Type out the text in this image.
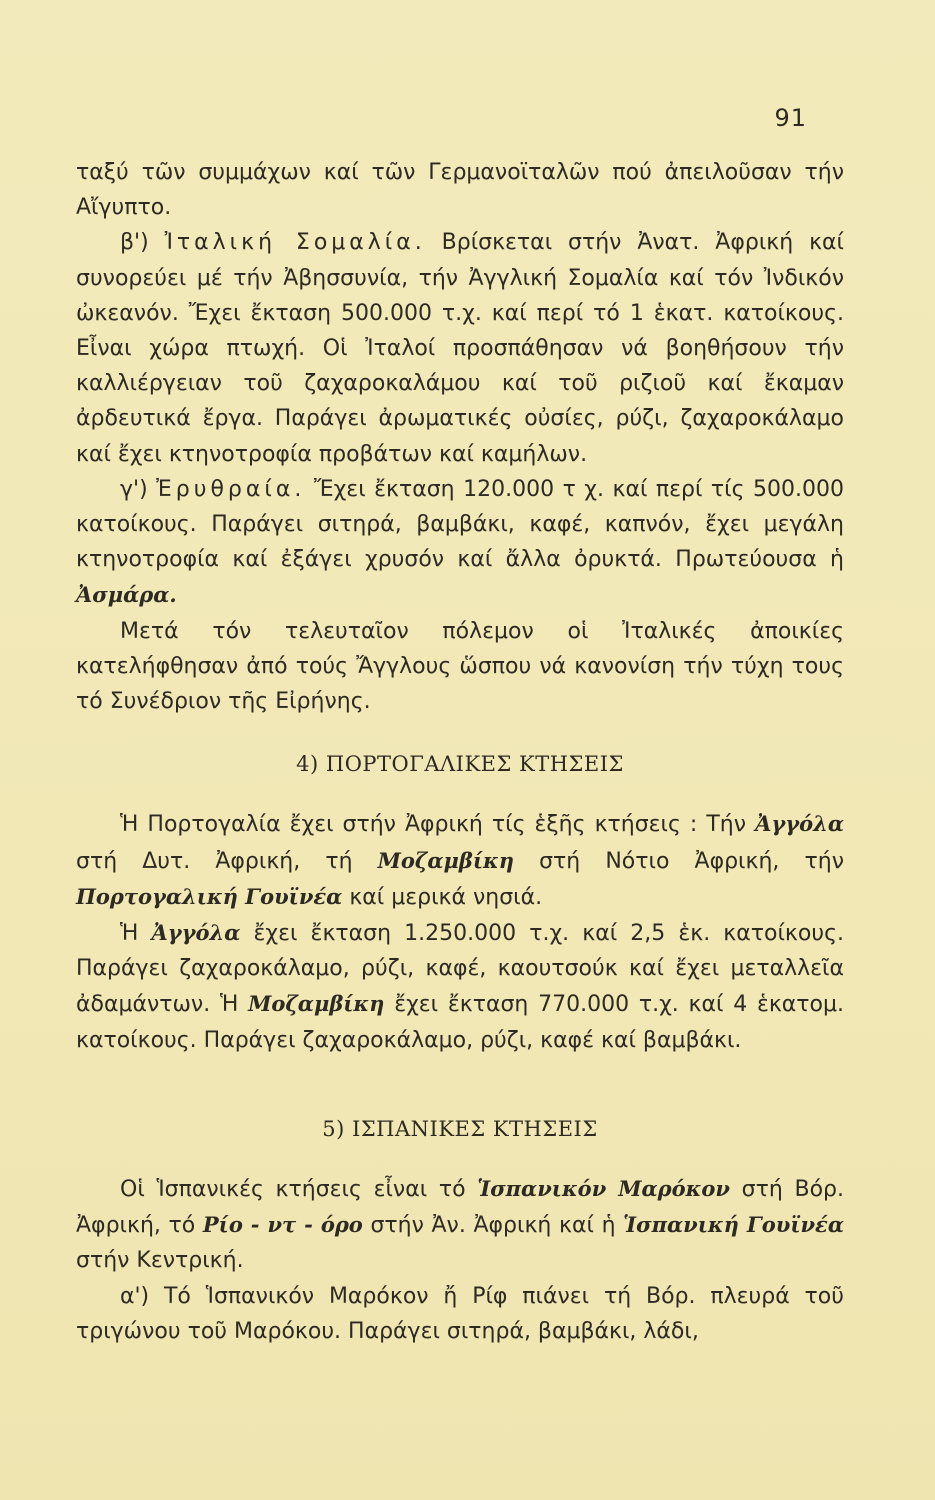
91

ταξύ τῶν συμμάχων καί τῶν Γερμανοϊταλῶν πού ἀπειλοῦσαν τήν Αἴγυπτο.

β') Ἰταλική Σομαλία. Βρίσκεται στήν Ἀνατ. Ἀφρική καί συνορεύει μέ τήν Ἀβησσυνία, τήν Ἀγγλική Σομαλία καί τόν Ἰνδικόν ὠκεανόν. Ἔχει ἔκταση 500.000 τ.χ. καί περί τό 1 ἑκατ. κατοίκους. Εἶναι χώρα πτωχή. Οἱ Ἰταλοί προσπάθησαν νά βοηθήσουν τήν καλλιέργειαν τοῦ ζαχαροκαλάμου καί τοῦ ριζιοῦ καί ἔκαμαν ἀρδευτικά ἔργα. Παράγει ἀρωματικές οὐσίες, ρύζι, ζαχαροκάλαμο καί ἔχει κτηνοτροφία προβάτων καί καμήλων.

γ') Ἐρυθραία. Ἔχει ἔκταση 120.000 τ χ. καί περί τίς 500.000 κατοίκους. Παράγει σιτηρά, βαμβάκι, καφέ, καπνόν, ἔχει μεγάλη κτηνοτροφία καί ἐξάγει χρυσόν καί ἄλλα ὀρυκτά. Πρωτεύουσα ἡ Ἀσμάρα.

Μετά τόν τελευταῖον πόλεμον οἱ Ἰταλικές ἀποικίες κατελήφθησαν ἀπό τούς Ἄγγλους ὥσπου νά κανονίση τήν τύχη τους τό Συνέδριον τῆς Εἰρήνης.

4) ΠΟΡΤΟΓΑΛΙΚΕΣ ΚΤΗΣΕΙΣ

Ἡ Πορτογαλία ἔχει στήν Ἀφρική τίς ἑξῆς κτήσεις : Τήν Ἀγγόλα στή Δυτ. Ἀφρική, τή Μοζαμβίκη στή Νότιο Ἀφρική, τήν Πορτογαλική Γουϊνέα καί μερικά νησιά.

Ἡ Ἀγγόλα ἔχει ἔκταση 1.250.000 τ.χ. καί 2,5 ἑκ. κατοίκους. Παράγει ζαχαροκάλαμο, ρύζι, καφέ, καουτσούκ καί ἔχει μεταλλεῖα ἀδαμάντων. Ἡ Μοζαμβίκη ἔχει ἔκταση 770.000 τ.χ. καί 4 ἑκατομ. κατοίκους. Παράγει ζαχαροκάλαμο, ρύζι, καφέ καί βαμβάκι.

5) ΙΣΠΑΝΙΚΕΣ ΚΤΗΣΕΙΣ

Οἱ Ἱσπανικές κτήσεις εἶναι τό Ἱσπανικόν Μαρόκον στή Βόρ. Ἀφρική, τό Ρίο - ντ - όρο στήν Ἀν. Ἀφρική καί ἡ Ἱσπανική Γουϊνέα στήν Κεντρική.

α') Τό Ἱσπανικόν Μαρόκον ἤ Ρίφ πιάνει τή Βόρ. πλευρά τοῦ τριγώνου τοῦ Μαρόκου. Παράγει σιτηρά, βαμβάκι, λάδι,
